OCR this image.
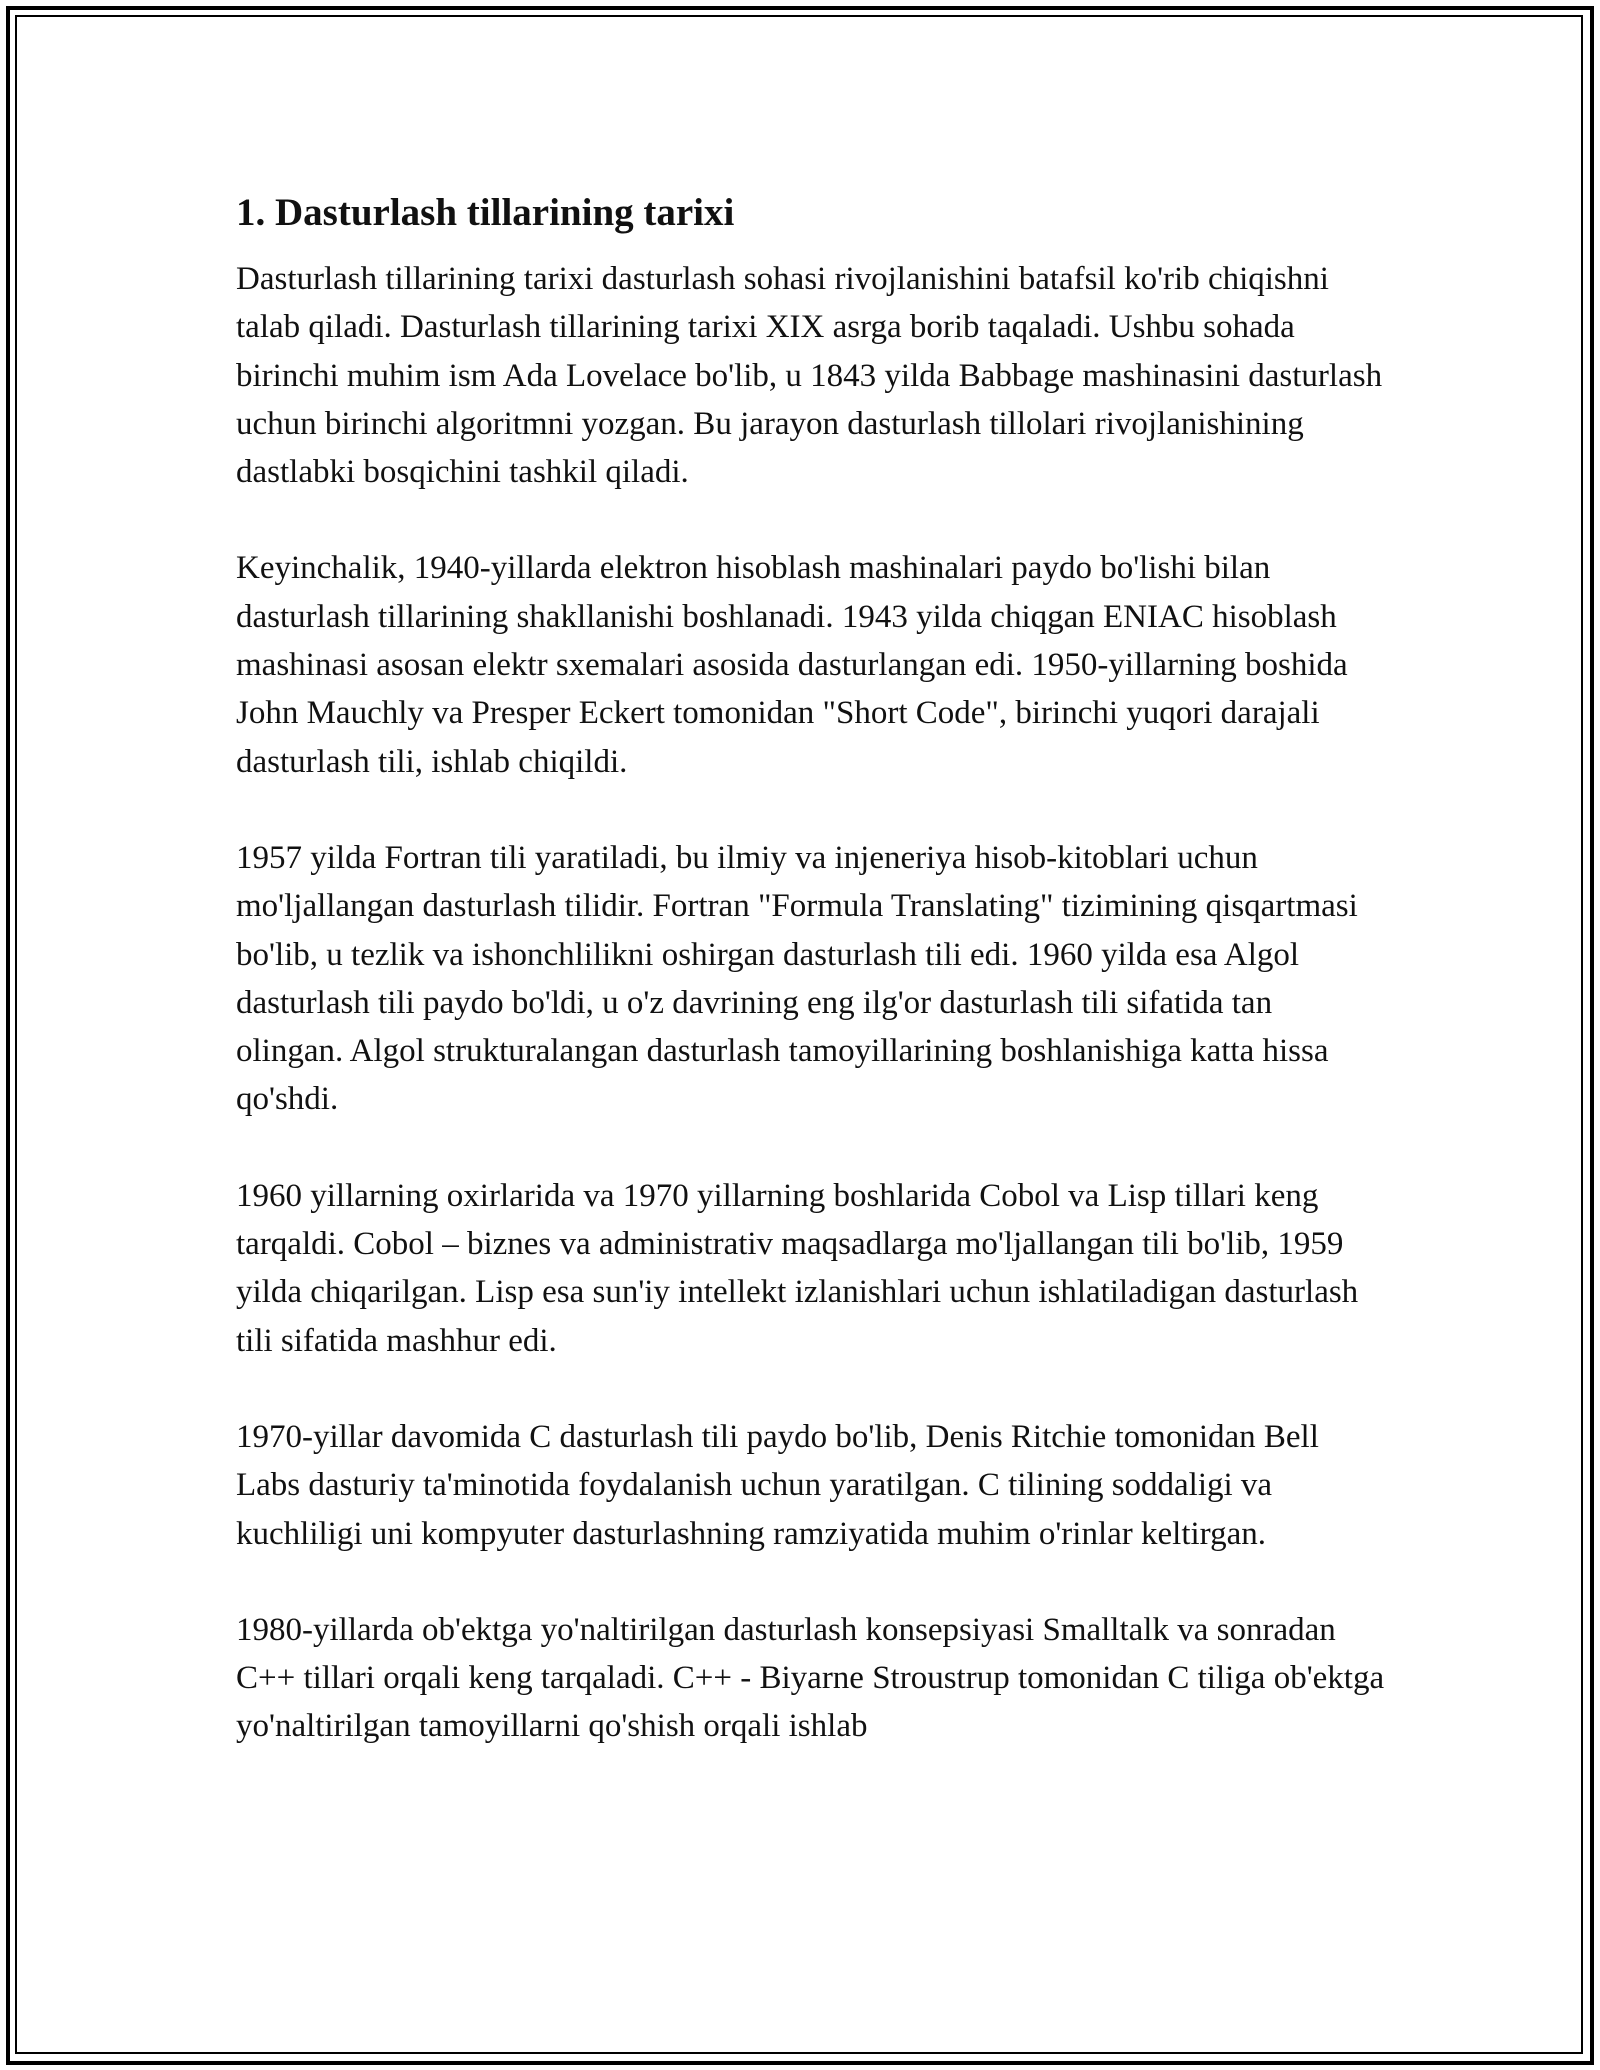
1. Dasturlash tillarining tarixi

Dasturlash tillarining tarixi dasturlash sohasi rivojlanishini batafsil ko'rib chiqishni talab qiladi. Dasturlash tillarining tarixi XIX asrga borib taqaladi. Ushbu sohada birinchi muhim ism Ada Lovelace bo'lib, u 1843 yilda Babbage mashinasini dasturlash uchun birinchi algoritmni yozgan. Bu jarayon dasturlash tillolari rivojlanishining dastlabki bosqichini tashkil qiladi.

Keyinchalik, 1940-yillarda elektron hisoblash mashinalari paydo bo'lishi bilan dasturlash tillarining shakllanishi boshlanadi. 1943 yilda chiqgan ENIAC hisoblash mashinasi asosan elektr sxemalari asosida dasturlangan edi. 1950-yillarning boshida John Mauchly va Presper Eckert tomonidan "Short Code", birinchi yuqori darajali dasturlash tili, ishlab chiqildi.

1957 yilda Fortran tili yaratiladi, bu ilmiy va injeneriya hisob-kitoblari uchun mo'ljallangan dasturlash tilidir. Fortran "Formula Translating" tizimining qisqartmasi bo'lib, u tezlik va ishonchlilikni oshirgan dasturlash tili edi. 1960 yilda esa Algol dasturlash tili paydo bo'ldi, u o'z davrining eng ilg'or dasturlash tili sifatida tan olingan. Algol strukturalangan dasturlash tamoyillarining boshlanishiga katta hissa qo'shdi.

1960 yillarning oxirlarida va 1970 yillarning boshlarida Cobol va Lisp tillari keng tarqaldi. Cobol – biznes va administrativ maqsadlarga mo'ljallangan tili bo'lib, 1959 yilda chiqarilgan. Lisp esa sun'iy intellekt izlanishlari uchun ishlatiladigan dasturlash tili sifatida mashhur edi.

1970-yillar davomida C dasturlash tili paydo bo'lib, Denis Ritchie tomonidan Bell Labs dasturiy ta'minotida foydalanish uchun yaratilgan. C tilining soddaligi va kuchliligi uni kompyuter dasturlashning ramziyatida muhim o'rinlar keltirgan.

1980-yillarda ob'ektga yo'naltirilgan dasturlash konsepsiyasi Smalltalk va sonradan C++ tillari orqali keng tarqaladi. C++ - Biyarne Stroustrup tomonidan C tiliga ob'ektga yo'naltirilgan tamoyillarni qo'shish orqali ishlab
